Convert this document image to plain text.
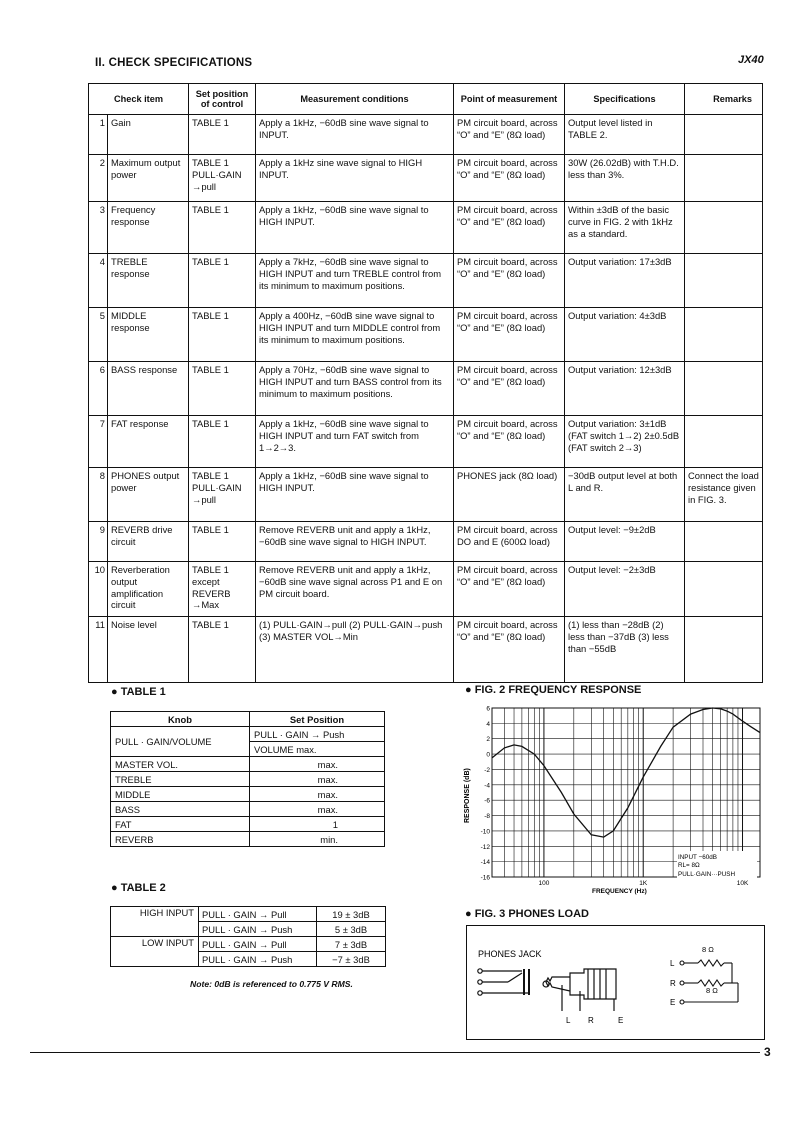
II. CHECK SPECIFICATIONS	JX40
Check item		Set position of control	Measurement conditions	Point of measurement	Specifications	Remarks
1	Gain	TABLE 1	Apply a 1kHz, −60dB sine wave signal to INPUT.	PM circuit board, across “O” and “E” (8Ω load)	Output level listed in TABLE 2.	
2	Maximum output power	TABLE 1 PULL·GAIN →pull	Apply a 1kHz sine wave signal to HIGH INPUT.	PM circuit board, across “O” and “E” (8Ω load)	30W (26.02dB) with T.H.D. less than 3%.	
3	Frequency response	TABLE 1	Apply a 1kHz, −60dB sine wave signal to HIGH INPUT.	PM circuit board, across “O” and “E” (8Ω load)	Within ±3dB of the basic curve in FIG. 2 with 1kHz as a standard.	
4	TREBLE response	TABLE 1	Apply a 7kHz, −60dB sine wave signal to HIGH INPUT and turn TREBLE control from its minimum to maximum positions.	PM circuit board, across “O” and “E” (8Ω load)	Output variation: 17±3dB	
5	MIDDLE response	TABLE 1	Apply a 400Hz, −60dB sine wave signal to HIGH INPUT and turn MIDDLE control from its minimum to maximum positions.	PM circuit board, across “O” and “E” (8Ω load)	Output variation: 4±3dB	
6	BASS response	TABLE 1	Apply a 70Hz, −60dB sine wave signal to HIGH INPUT and turn BASS control from its minimum to maximum positions.	PM circuit board, across “O” and “E” (8Ω load)	Output variation: 12±3dB	
7	FAT response	TABLE 1	Apply a 1kHz, −60dB sine wave signal to HIGH INPUT and turn FAT switch from 1→2→3.	PM circuit board, across “O” and “E” (8Ω load)	Output variation: 3±1dB (FAT switch 1→2) 2±0.5dB (FAT switch 2→3)	
8	PHONES output power	TABLE 1 PULL·GAIN →pull	Apply a 1kHz, −60dB sine wave signal to HIGH INPUT.	PHONES jack (8Ω load)	−30dB output level at both L and R.	Connect the load resistance given in FIG. 3.
9	REVERB drive circuit	TABLE 1	Remove REVERB unit and apply a 1kHz, −60dB sine wave signal to HIGH INPUT.	PM circuit board, across DO and E (600Ω load)	Output level: −9±2dB	
10	Reverberation output amplification circuit	TABLE 1 except REVERB →Max	Remove REVERB unit and apply a 1kHz, −60dB sine wave signal across P1 and E on PM circuit board.	PM circuit board, across “O” and “E” (8Ω load)	Output level: −2±3dB	
11	Noise level	TABLE 1	(1) PULL·GAIN→pull (2) PULL·GAIN→push (3) MASTER VOL→Min	PM circuit board, across “O” and “E” (8Ω load)	(1) less than −28dB (2) less than −37dB (3) less than −55dB	
● TABLE 1
Knob	Set Position
PULL · GAIN/VOLUME	PULL · GAIN → Push
	VOLUME max.
MASTER VOL.	max.
TREBLE	max.
MIDDLE	max.
BASS	max.
FAT	1
REVERB	min.
● TABLE 2
HIGH INPUT	PULL · GAIN → Pull	19 ± 3dB
	PULL · GAIN → Push	5 ± 3dB
LOW INPUT	PULL · GAIN → Pull	7 ± 3dB
	PULL · GAIN → Push	−7 ± 3dB
Note: 0dB is referenced to 0.775 V RMS.
● FIG. 2 FREQUENCY RESPONSE
6
4
2
0
-2
-4
-6
-8
-10
-12
-14
-16
100	1K	10K
RESPONSE (dB)
FREQUENCY (Hz)
INPUT −60dB
RL= 8Ω
PULL·GAIN···PUSH
● FIG. 3 PHONES LOAD
PHONES JACK
L R	E
8 Ω
8 Ω
L
R
E
3
